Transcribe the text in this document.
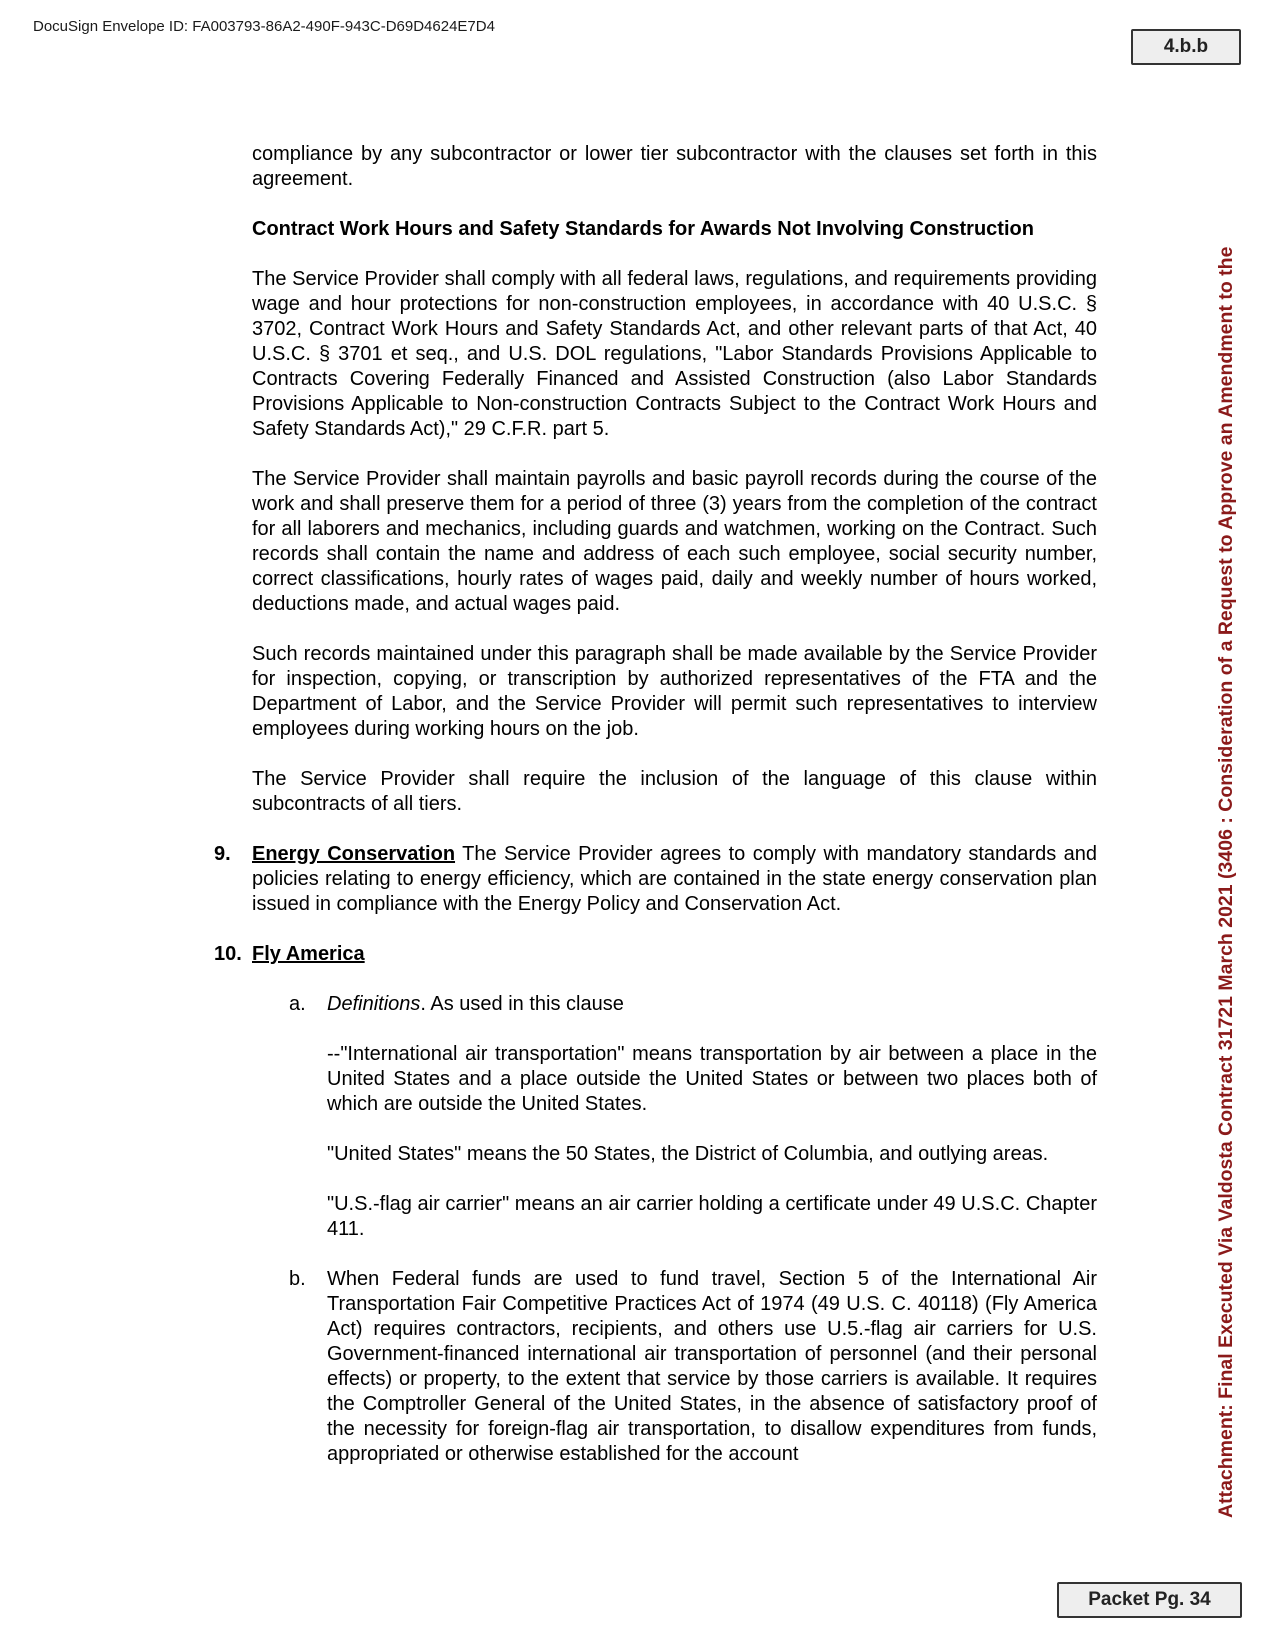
DocuSign Envelope ID: FA003793-86A2-490F-943C-D69D4624E7D4
4.b.b
Attachment: Final Executed Via Valdosta Contract 31721 March 2021 (3406 : Consideration of a Request to Approve an Amendment to the

compliance by any subcontractor or lower tier subcontractor with the clauses set forth in this agreement.

Contract Work Hours and Safety Standards for Awards Not Involving Construction

The Service Provider shall comply with all federal laws, regulations, and requirements providing wage and hour protections for non-construction employees, in accordance with 40 U.S.C. § 3702, Contract Work Hours and Safety Standards Act, and other relevant parts of that Act, 40 U.S.C. § 3701 et seq., and U.S. DOL regulations, "Labor Standards Provisions Applicable to Contracts Covering Federally Financed and Assisted Construction (also Labor Standards Provisions Applicable to Non-construction Contracts Subject to the Contract Work Hours and Safety Standards Act)," 29 C.F.R. part 5.

The Service Provider shall maintain payrolls and basic payroll records during the course of the work and shall preserve them for a period of three (3) years from the completion of the contract for all laborers and mechanics, including guards and watchmen, working on the Contract. Such records shall contain the name and address of each such employee, social security number, correct classifications, hourly rates of wages paid, daily and weekly number of hours worked, deductions made, and actual wages paid.

Such records maintained under this paragraph shall be made available by the Service Provider for inspection, copying, or transcription by authorized representatives of the FTA and the Department of Labor, and the Service Provider will permit such representatives to interview employees during working hours on the job.

The Service Provider shall require the inclusion of the language of this clause within subcontracts of all tiers.

9. Energy Conservation The Service Provider agrees to comply with mandatory standards and policies relating to energy efficiency, which are contained in the state energy conservation plan issued in compliance with the Energy Policy and Conservation Act.

10. Fly America
a. Definitions. As used in this clause

--"International air transportation" means transportation by air between a place in the United States and a place outside the United States or between two places both of which are outside the United States.

"United States" means the 50 States, the District of Columbia, and outlying areas.

"U.S.-flag air carrier" means an air carrier holding a certificate under 49 U.S.C. Chapter 411.

b. When Federal funds are used to fund travel, Section 5 of the International Air Transportation Fair Competitive Practices Act of 1974 (49 U.S. C. 40118) (Fly America Act) requires contractors, recipients, and others use U.5.-flag air carriers for U.S. Government-financed international air transportation of personnel (and their personal effects) or property, to the extent that service by those carriers is available. It requires the Comptroller General of the United States, in the absence of satisfactory proof of the necessity for foreign-flag air transportation, to disallow expenditures from funds, appropriated or otherwise established for the account

Packet Pg. 34
